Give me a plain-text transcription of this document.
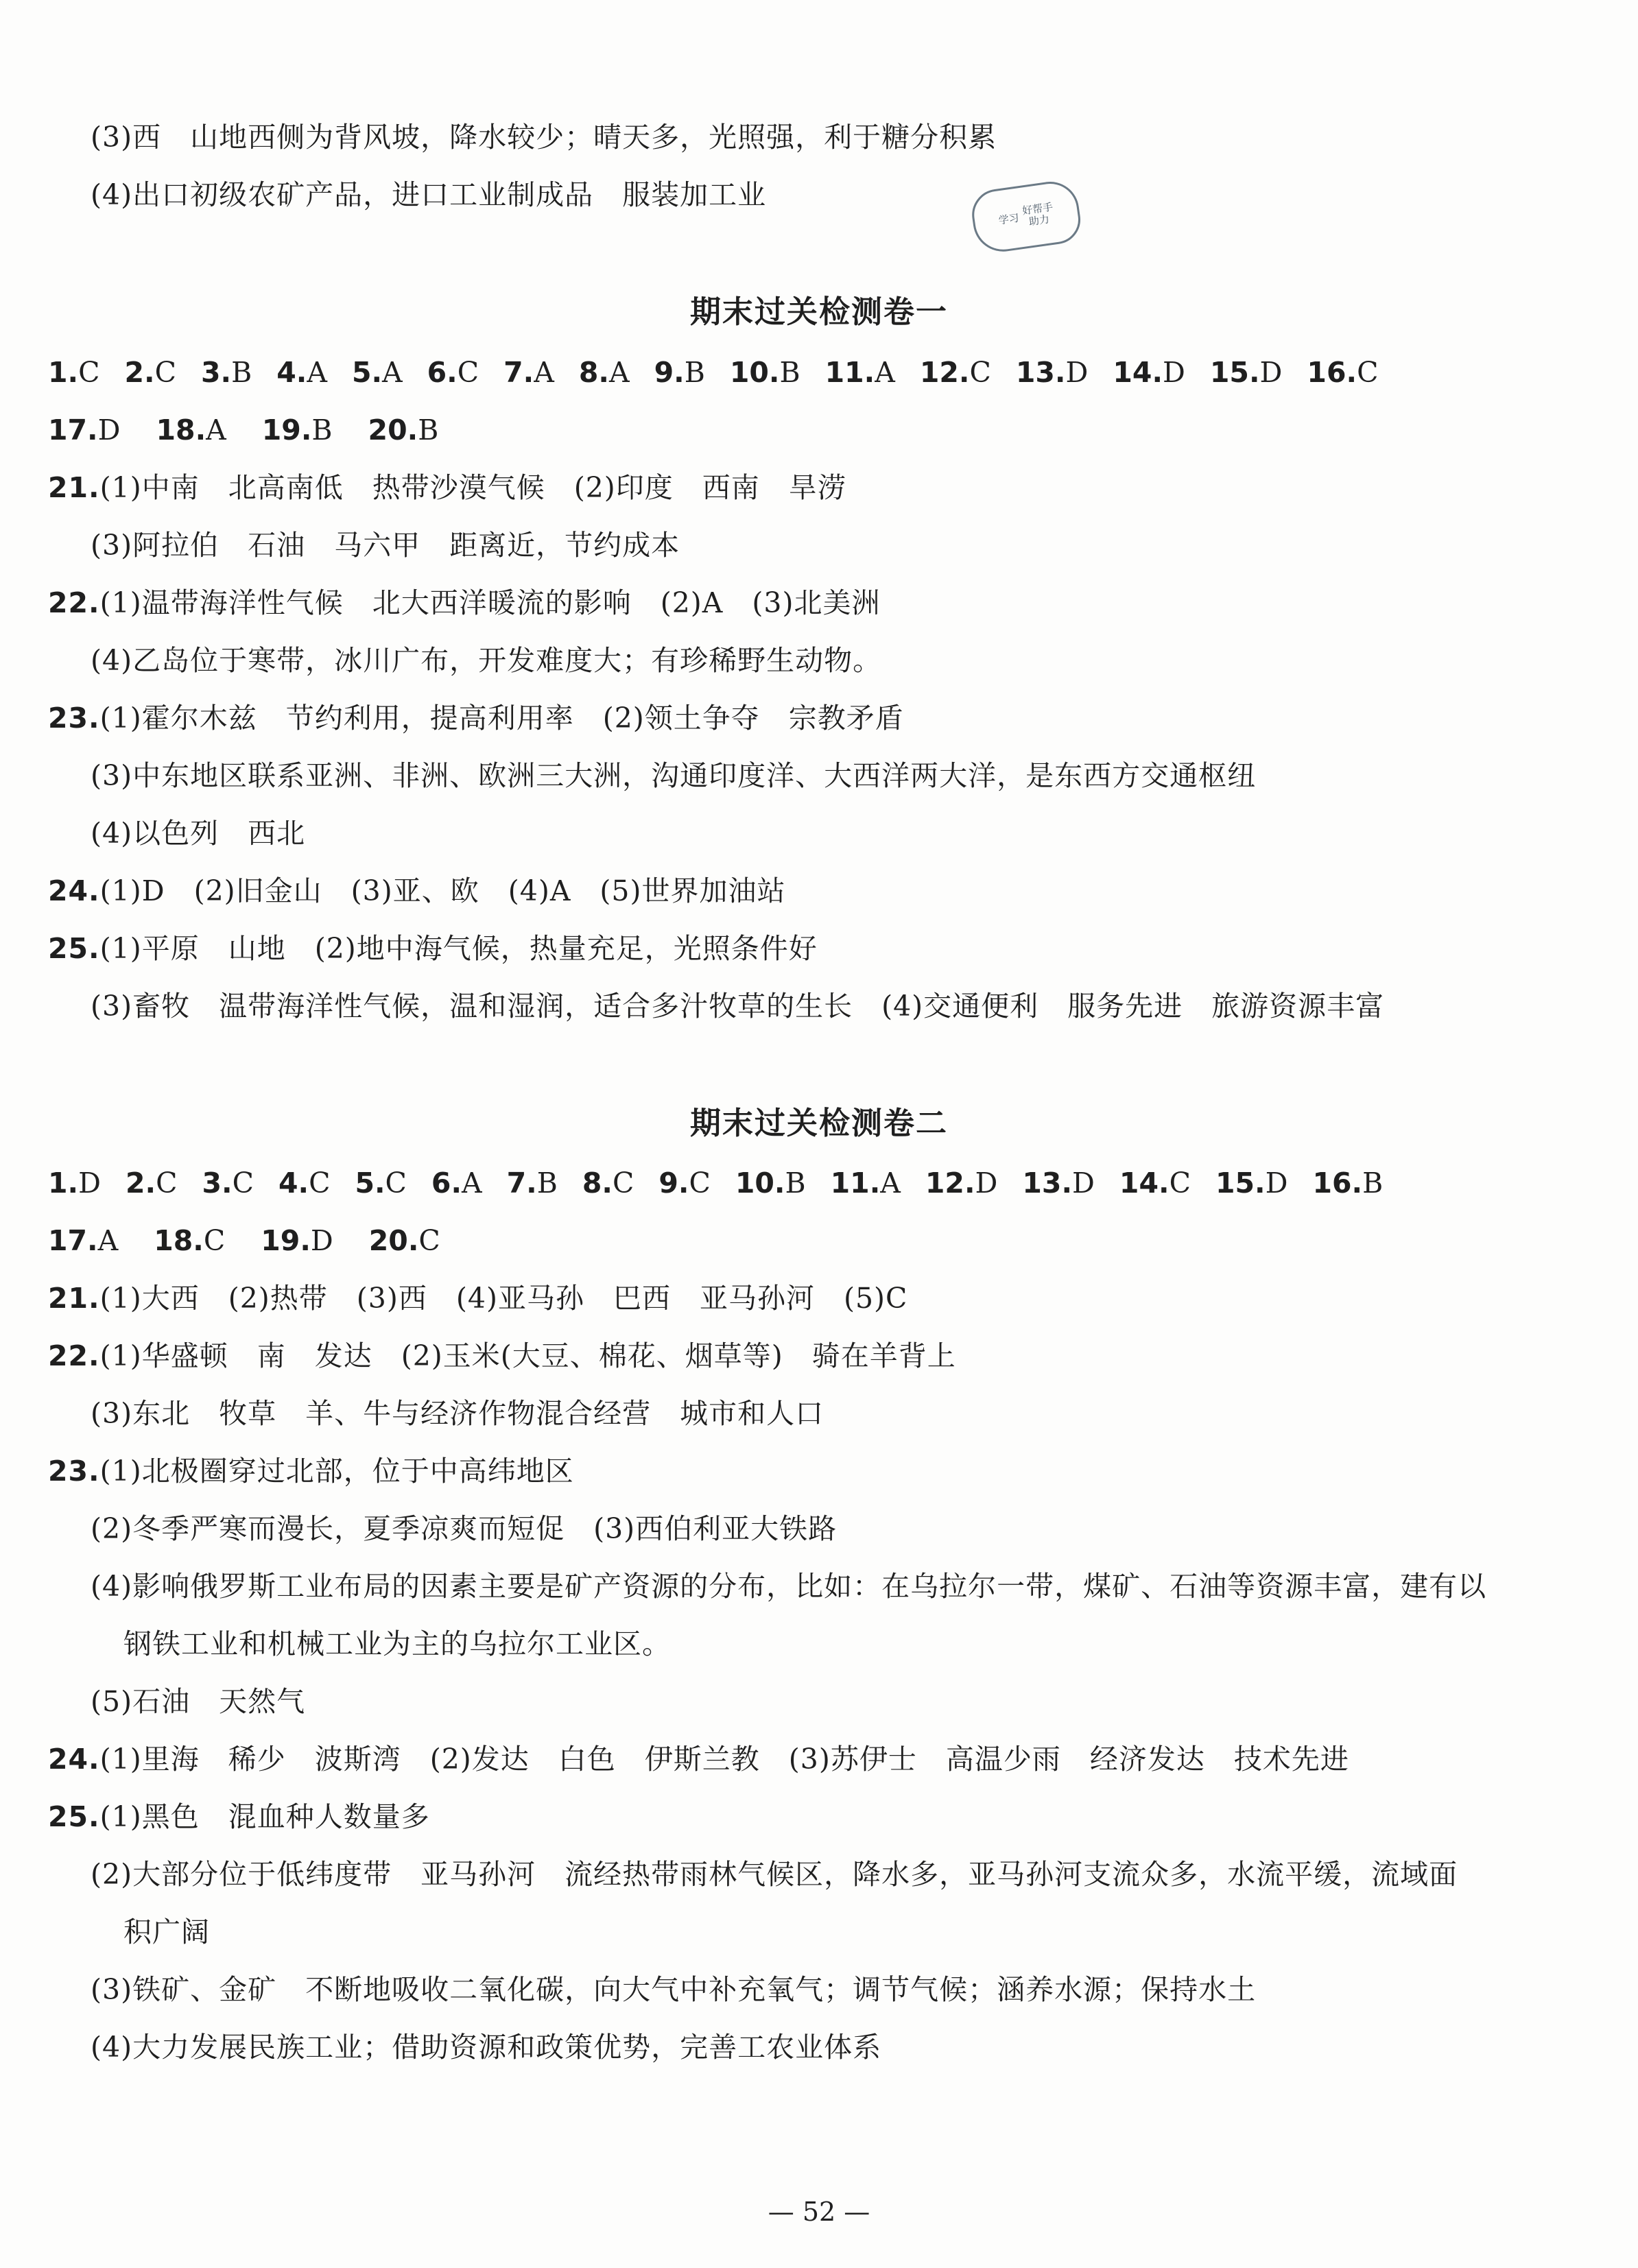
(3)西　山地西侧为背风坡，降水较少；晴天多，光照强，利于糖分积累
(4)出口初级农矿产品，进口工业制成品　服装加工业
学习
好帮手
助力
期末过关检测卷一
1.C 2.C 3.B 4.A 5.A 6.C 7.A 8.A 9.B 10.B 11.A 12.C 13.D 14.D 15.D 16.C
17.D 18.A 19.B 20.B
21.(1)中南　北高南低　热带沙漠气候　(2)印度　西南　旱涝
(3)阿拉伯　石油　马六甲　距离近，节约成本
22.(1)温带海洋性气候　北大西洋暖流的影响　(2)A　(3)北美洲
(4)乙岛位于寒带，冰川广布，开发难度大；有珍稀野生动物。
23.(1)霍尔木兹　节约利用，提高利用率　(2)领土争夺　宗教矛盾
(3)中东地区联系亚洲、非洲、欧洲三大洲，沟通印度洋、大西洋两大洋，是东西方交通枢纽
(4)以色列　西北
24.(1)D　(2)旧金山　(3)亚、欧　(4)A　(5)世界加油站
25.(1)平原　山地　(2)地中海气候，热量充足，光照条件好
(3)畜牧　温带海洋性气候，温和湿润，适合多汁牧草的生长　(4)交通便利　服务先进　旅游资源丰富
期末过关检测卷二
1.D 2.C 3.C 4.C 5.C 6.A 7.B 8.C 9.C 10.B 11.A 12.D 13.D 14.C 15.D 16.B
17.A 18.C 19.D 20.C
21.(1)大西　(2)热带　(3)西　(4)亚马孙　巴西　亚马孙河　(5)C
22.(1)华盛顿　南　发达　(2)玉米(大豆、棉花、烟草等)　骑在羊背上
(3)东北　牧草　羊、牛与经济作物混合经营　城市和人口
23.(1)北极圈穿过北部，位于中高纬地区
(2)冬季严寒而漫长，夏季凉爽而短促　(3)西伯利亚大铁路
(4)影响俄罗斯工业布局的因素主要是矿产资源的分布，比如：在乌拉尔一带，煤矿、石油等资源丰富，建有以
钢铁工业和机械工业为主的乌拉尔工业区。
(5)石油　天然气
24.(1)里海　稀少　波斯湾　(2)发达　白色　伊斯兰教　(3)苏伊士　高温少雨　经济发达　技术先进
25.(1)黑色　混血种人数量多
(2)大部分位于低纬度带　亚马孙河　流经热带雨林气候区，降水多，亚马孙河支流众多，水流平缓，流域面
积广阔
(3)铁矿、金矿　不断地吸收二氧化碳，向大气中补充氧气；调节气候；涵养水源；保持水土
(4)大力发展民族工业；借助资源和政策优势，完善工农业体系
— 52 —
